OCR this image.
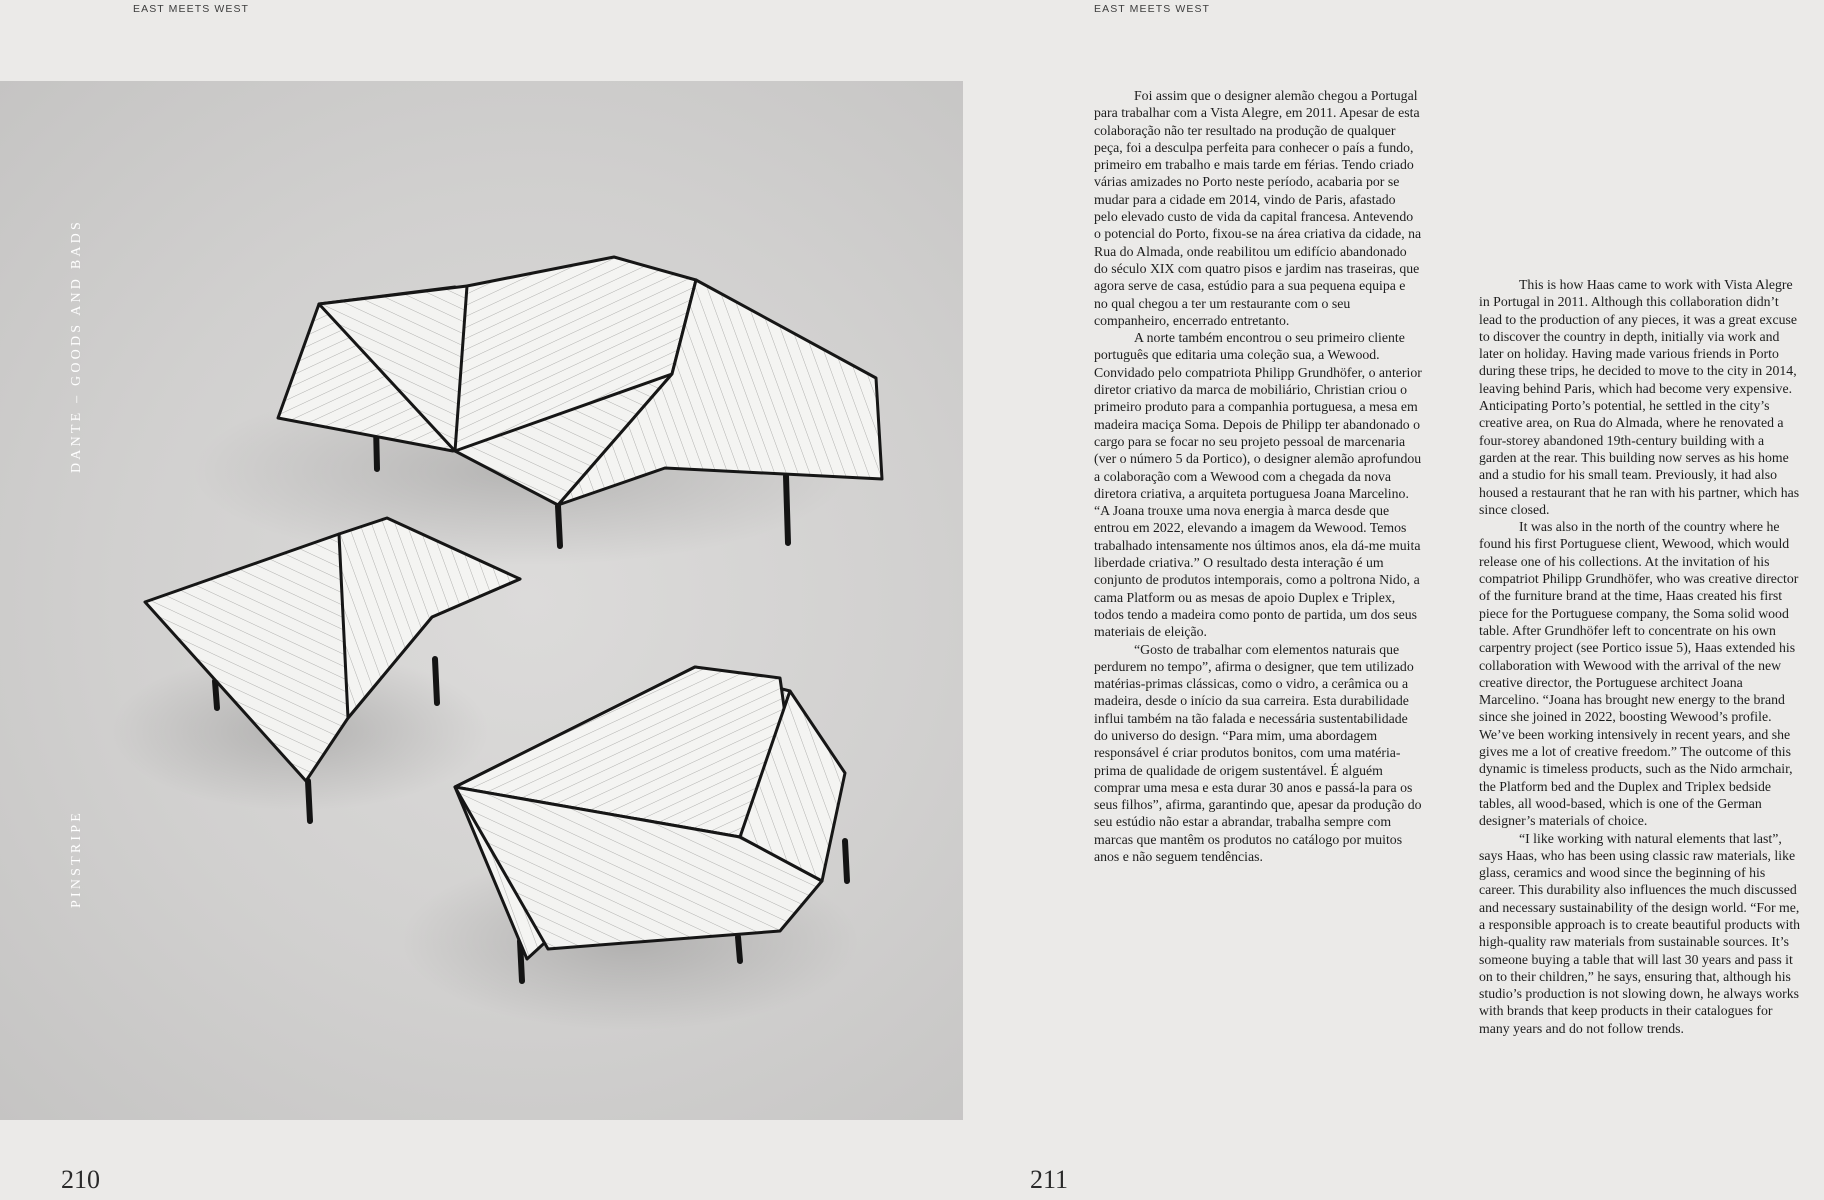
EAST MEETS WEST	EAST MEETS WEST
DANTE – GOODS AND BADS
PINSTRIPE
210	211

Foi assim que o designer alemão chegou a Portugal para trabalhar com a Vista Alegre, em 2011. Apesar de esta colaboração não ter resultado na produção de qualquer peça, foi a desculpa perfeita para conhecer o país a fundo, primeiro em trabalho e mais tarde em férias. Tendo criado várias amizades no Porto neste período, acabaria por se mudar para a cidade em 2014, vindo de Paris, afastado pelo elevado custo de vida da capital francesa. Antevendo o potencial do Porto, fixou-se na área criativa da cidade, na Rua do Almada, onde reabilitou um edifício abandonado do século XIX com quatro pisos e jardim nas traseiras, que agora serve de casa, estúdio para a sua pequena equipa e no qual chegou a ter um restaurante com o seu companheiro, encerrado entretanto.

A norte também encontrou o seu primeiro cliente português que editaria uma coleção sua, a Wewood. Convidado pelo compatriota Philipp Grundhöfer, o anterior diretor criativo da marca de mobiliário, Christian criou o primeiro produto para a companhia portuguesa, a mesa em madeira maciça Soma. Depois de Philipp ter abandonado o cargo para se focar no seu projeto pessoal de marcenaria (ver o número 5 da Portico), o designer alemão aprofundou a colaboração com a Wewood com a chegada da nova diretora criativa, a arquiteta portuguesa Joana Marcelino. “A Joana trouxe uma nova energia à marca desde que entrou em 2022, elevando a imagem da Wewood. Temos trabalhado intensamente nos últimos anos, ela dá-me muita liberdade criativa.” O resultado desta interação é um conjunto de produtos intemporais, como a poltrona Nido, a cama Platform ou as mesas de apoio Duplex e Triplex, todos tendo a madeira como ponto de partida, um dos seus materiais de eleição.

“Gosto de trabalhar com elementos naturais que perdurem no tempo”, afirma o designer, que tem utilizado matérias-primas clássicas, como o vidro, a cerâmica ou a madeira, desde o início da sua carreira. Esta durabilidade influi também na tão falada e necessária sustentabilidade do universo do design. “Para mim, uma abordagem responsável é criar produtos bonitos, com uma matéria-prima de qualidade de origem sustentável. É alguém comprar uma mesa e esta durar 30 anos e passá-la para os seus filhos”, afirma, garantindo que, apesar da produção do seu estúdio não estar a abrandar, trabalha sempre com marcas que mantêm os produtos no catálogo por muitos anos e não seguem tendências.

This is how Haas came to work with Vista Alegre in Portugal in 2011. Although this collaboration didn’t lead to the production of any pieces, it was a great excuse to discover the country in depth, initially via work and later on holiday. Having made various friends in Porto during these trips, he decided to move to the city in 2014, leaving behind Paris, which had become very expensive. Anticipating Porto’s potential, he settled in the city’s creative area, on Rua do Almada, where he renovated a four-storey abandoned 19th-century building with a garden at the rear. This building now serves as his home and a studio for his small team. Previously, it had also housed a restaurant that he ran with his partner, which has since closed.

It was also in the north of the country where he found his first Portuguese client, Wewood, which would release one of his collections. At the invitation of his compatriot Philipp Grundhöfer, who was creative director of the furniture brand at the time, Haas created his first piece for the Portuguese company, the Soma solid wood table. After Grundhöfer left to concentrate on his own carpentry project (see Portico issue 5), Haas extended his collaboration with Wewood with the arrival of the new creative director, the Portuguese architect Joana Marcelino. “Joana has brought new energy to the brand since she joined in 2022, boosting Wewood’s profile. We’ve been working intensively in recent years, and she gives me a lot of creative freedom.” The outcome of this dynamic is timeless products, such as the Nido armchair, the Platform bed and the Duplex and Triplex bedside tables, all wood-based, which is one of the German designer’s materials of choice.

“I like working with natural elements that last”, says Haas, who has been using classic raw materials, like glass, ceramics and wood since the beginning of his career. This durability also influences the much discussed and necessary sustainability of the design world. “For me, a responsible approach is to create beautiful products with high-quality raw materials from sustainable sources. It’s someone buying a table that will last 30 years and pass it on to their children,” he says, ensuring that, although his studio’s production is not slowing down, he always works with brands that keep products in their catalogues for many years and do not follow trends.
